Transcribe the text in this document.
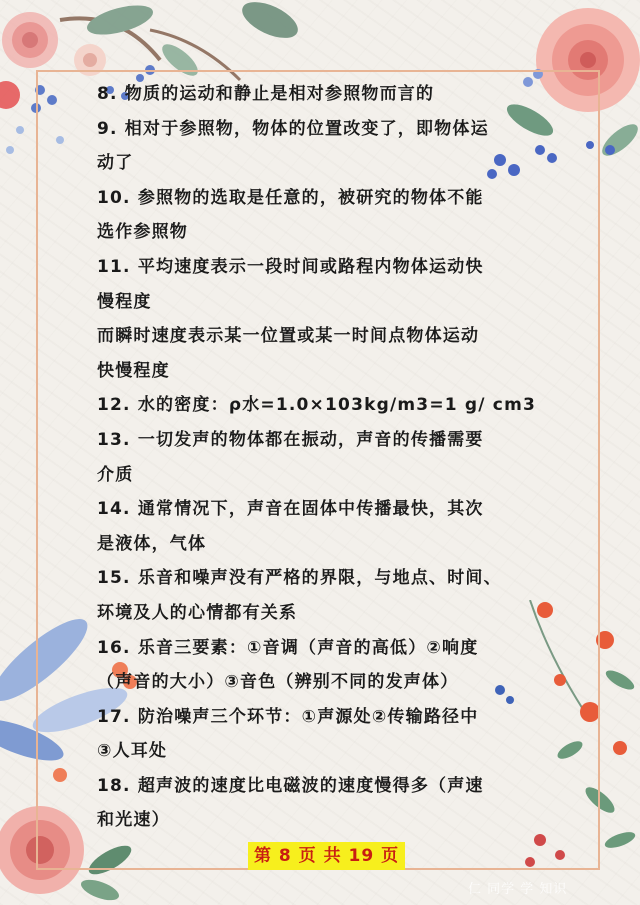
8. 物质的运动和静止是相对参照物而言的
9. 相对于参照物，物体的位置改变了，即物体运
动了
10. 参照物的选取是任意的，被研究的物体不能
选作参照物
11. 平均速度表示一段时间或路程内物体运动快
慢程度
而瞬时速度表示某一位置或某一时间点物体运动
快慢程度
12. 水的密度：ρ水=1.0×103kg/m3=1 g/ cm3
13. 一切发声的物体都在振动，声音的传播需要
介质
14. 通常情况下，声音在固体中传播最快，其次
是液体，气体
15. 乐音和噪声没有严格的界限，与地点、时间、
环境及人的心情都有关系
16. 乐音三要素：①音调（声音的高低）②响度
（声音的大小）③音色（辨别不同的发声体）
17. 防治噪声三个环节：①声源处②传输路径中
③人耳处
18. 超声波的速度比电磁波的速度慢得多（声速
和光速）
第 8 页 共 19 页
仁 同学 学 知识
